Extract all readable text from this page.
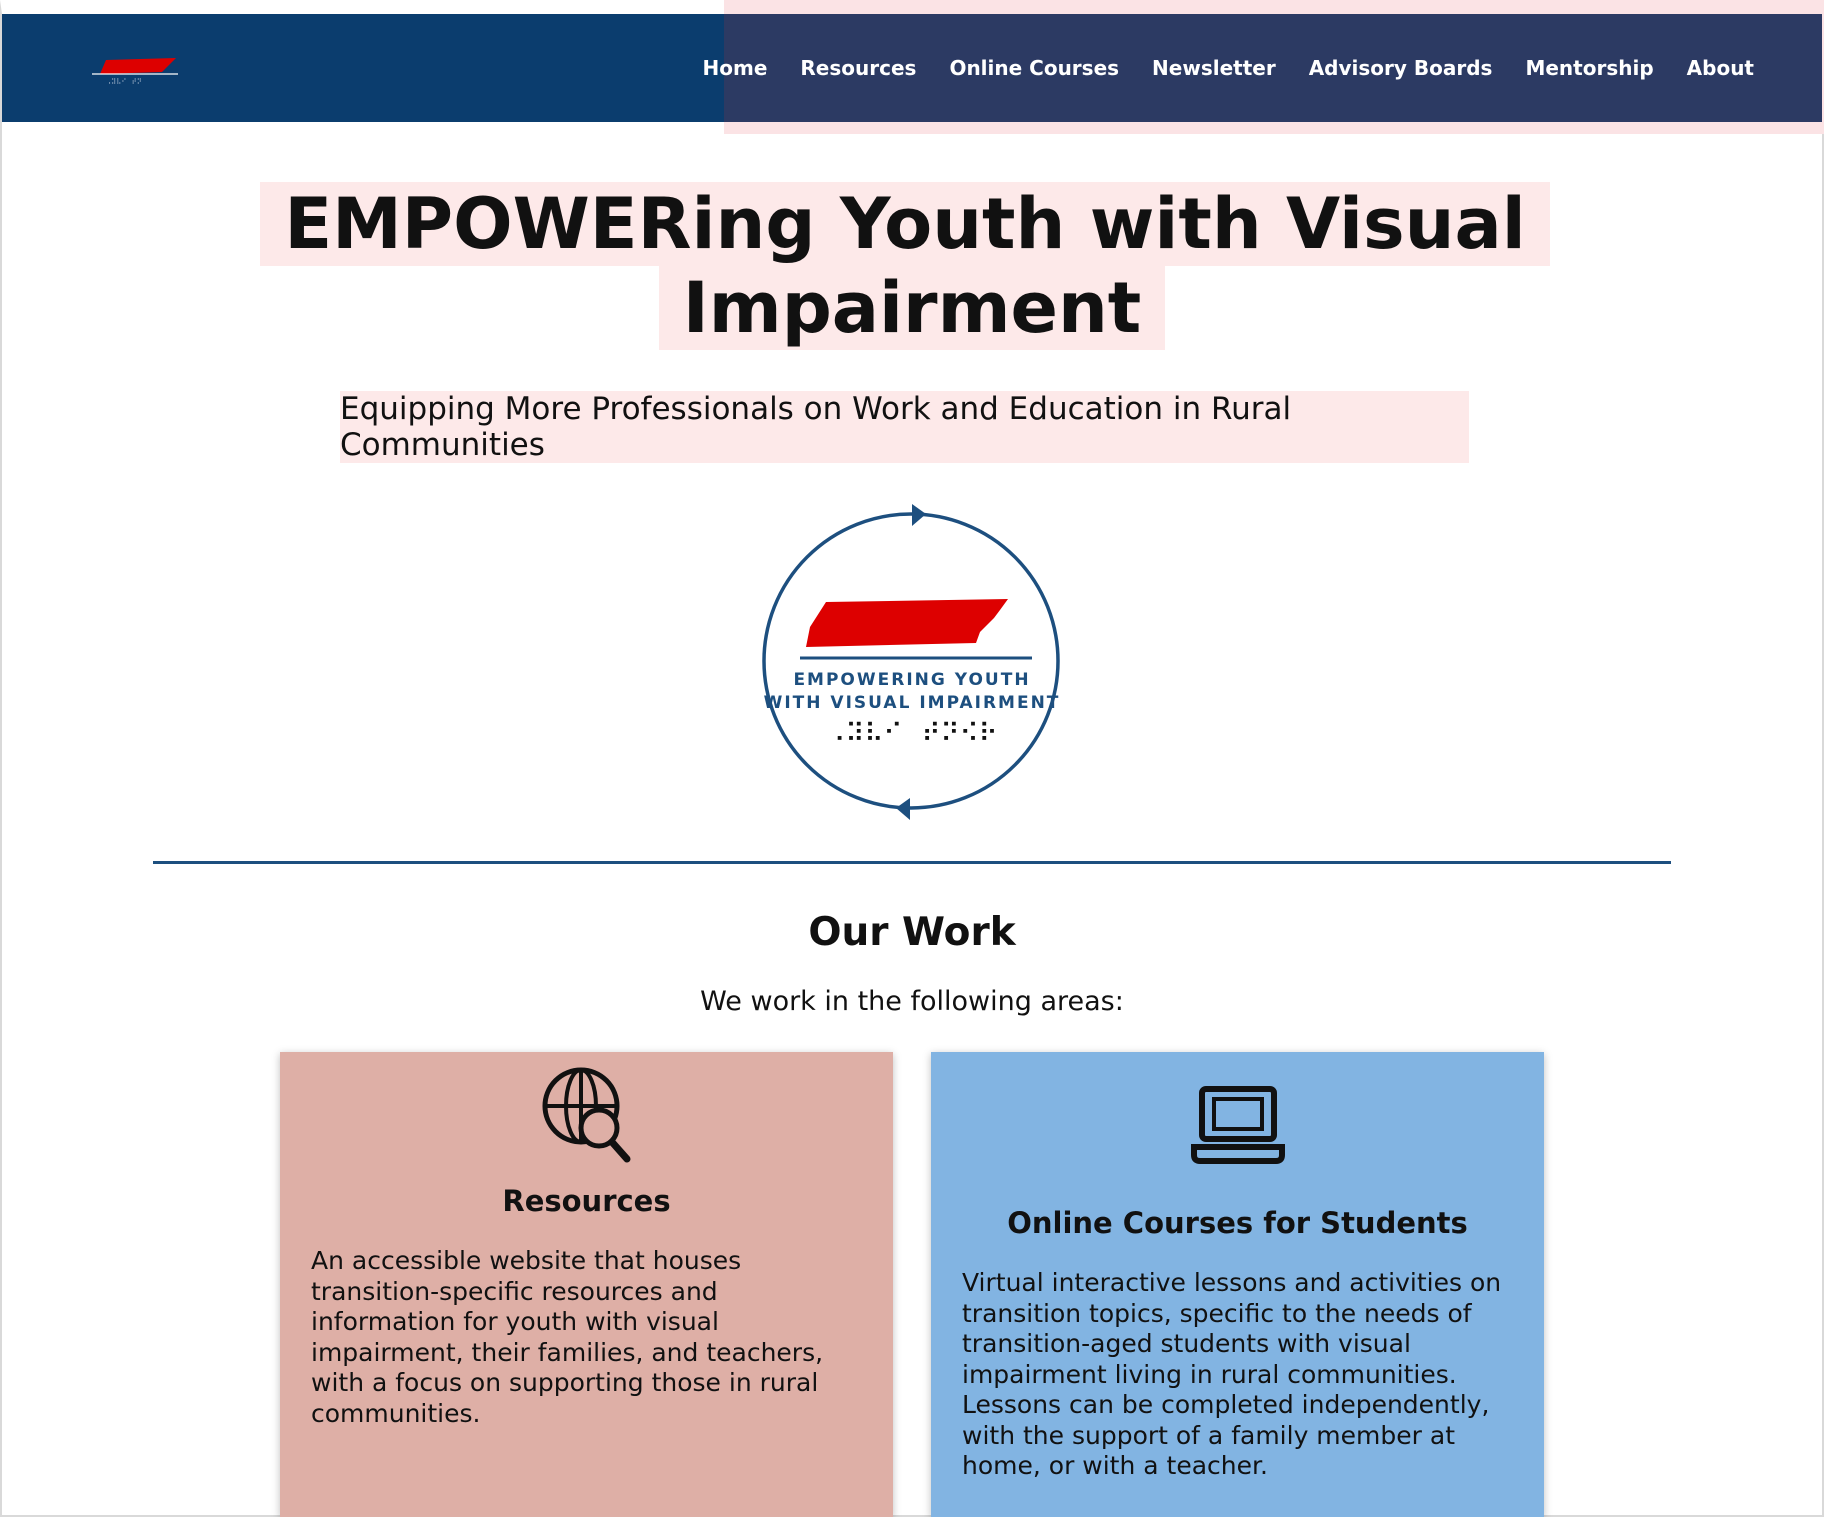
⠠⠽⠧⠊⠀⠞⠝
Home Resources Online Courses Newsletter Advisory Boards Mentorship About
EMPOWERing Youth with Visual
Impairment
Equipping More Professionals on Work and Education in Rural Communities
EMPOWERING YOUTH
WITH VISUAL IMPAIRMENT
⠠⠽⠧⠊⠀⠞⠝⠪⠗
Our Work
We work in the following areas:
Resources

An accessible website that houses transition-specific resources and information for youth with visual impairment, their families, and teachers, with a focus on supporting those in rural communities.

Online Courses for Students

Virtual interactive lessons and activities on transition topics, specific to the needs of transition-aged students with visual impairment living in rural communities. Lessons can be completed independently, with the support of a family member at home, or with a teacher.
